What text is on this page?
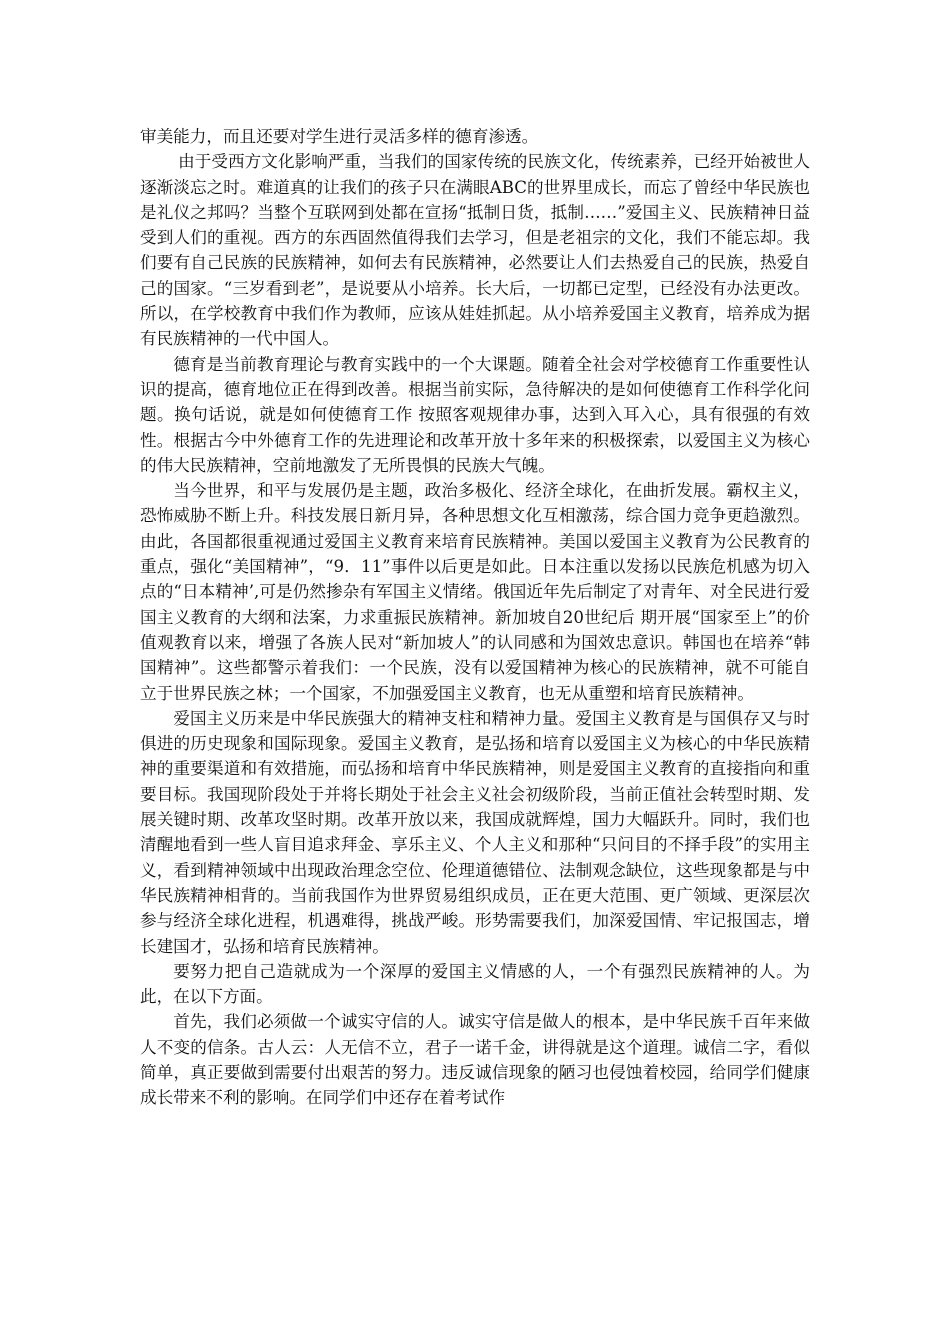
审美能力，而且还要对学生进行灵活多样的德育渗透。

由于受西方文化影响严重，当我们的国家传统的民族文化，传统素养，已经开始被世人逐渐淡忘之时。难道真的让我们的孩子只在满眼ABC的世界里成长，而忘了曾经中华民族也是礼仪之邦吗？当整个互联网到处都在宣扬“抵制日货，抵制……”爱国主义、民族精神日益受到人们的重视。西方的东西固然值得我们去学习，但是老祖宗的文化，我们不能忘却。我们要有自己民族的民族精神，如何去有民族精神，必然要让人们去热爱自己的民族，热爱自己的国家。“三岁看到老”，是说要从小培养。长大后，一切都已定型，已经没有办法更改。所以，在学校教育中我们作为教师，应该从娃娃抓起。从小培养爱国主义教育，培养成为据有民族精神的一代中国人。

德育是当前教育理论与教育实践中的一个大课题。随着全社会对学校德育工作重要性认识的提高，德育地位正在得到改善。根据当前实际，急待解决的是如何使德育工作科学化问题。换句话说，就是如何使德育工作 按照客观规律办事，达到入耳入心，具有很强的有效性。根据古今中外德育工作的先进理论和改革开放十多年来的积极探索，以爱国主义为核心的伟大民族精神，空前地激发了无所畏惧的民族大气魄。

当今世界，和平与发展仍是主题，政治多极化、经济全球化，在曲折发展。霸权主义，恐怖威胁不断上升。科技发展日新月异，各种思想文化互相激荡，综合国力竞争更趋激烈。由此，各国都很重视通过爱国主义教育来培育民族精神。美国以爱国主义教育为公民教育的重点，强化“美国精神”，“9．11”事件以后更是如此。日本注重以发扬以民族危机感为切入 点的“日本精神’,可是仍然掺杂有军国主义情绪。俄国近年先后制定了对青年、对全民进行爱国主义教育的大纲和法案，力求重振民族精神。新加坡自20世纪后 期开展“国家至上”的价值观教育以来，增强了各族人民对“新加坡人”的认同感和为国效忠意识。韩国也在培养“韩国精神”。这些都警示着我们：一个民族，没有以爱国精神为核心的民族精神，就不可能自立于世界民族之林；一个国家，不加强爱国主义教育，也无从重塑和培育民族精神。

爱国主义历来是中华民族强大的精神支柱和精神力量。爱国主义教育是与国俱存又与时俱进的历史现象和国际现象。爱国主义教育，是弘扬和培育以爱国主义为核心的中华民族精神的重要渠道和有效措施，而弘扬和培育中华民族精神，则是爱国主义教育的直接指向和重要目标。我国现阶段处于并将长期处于社会主义社会初级阶段，当前正值社会转型时期、发展关键时期、改革攻坚时期。改革开放以来，我国成就辉煌，国力大幅跃升。同时，我们也清醒地看到一些人盲目追求拜金、享乐主义、个人主义和那种“只问目的不择手段”的实用主义，看到精神领域中出现政治理念空位、伦理道德错位、法制观念缺位，这些现象都是与中华民族精神相背的。当前我国作为世界贸易组织成员，正在更大范围、更广领域、更深层次参与经济全球化进程，机遇难得，挑战严峻。形势需要我们，加深爱国情、牢记报国志，增长建国才，弘扬和培育民族精神。

要努力把自己造就成为一个深厚的爱国主义情感的人，一个有强烈民族精神的人。为此，在以下方面。

首先，我们必须做一个诚实守信的人。诚实守信是做人的根本，是中华民族千百年来做人不变的信条。古人云：人无信不立，君子一诺千金，讲得就是这个道理。诚信二字，看似简单，真正要做到需要付出艰苦的努力。违反诚信现象的陋习也侵蚀着校园，给同学们健康成长带来不利的影响。在同学们中还存在着考试作
